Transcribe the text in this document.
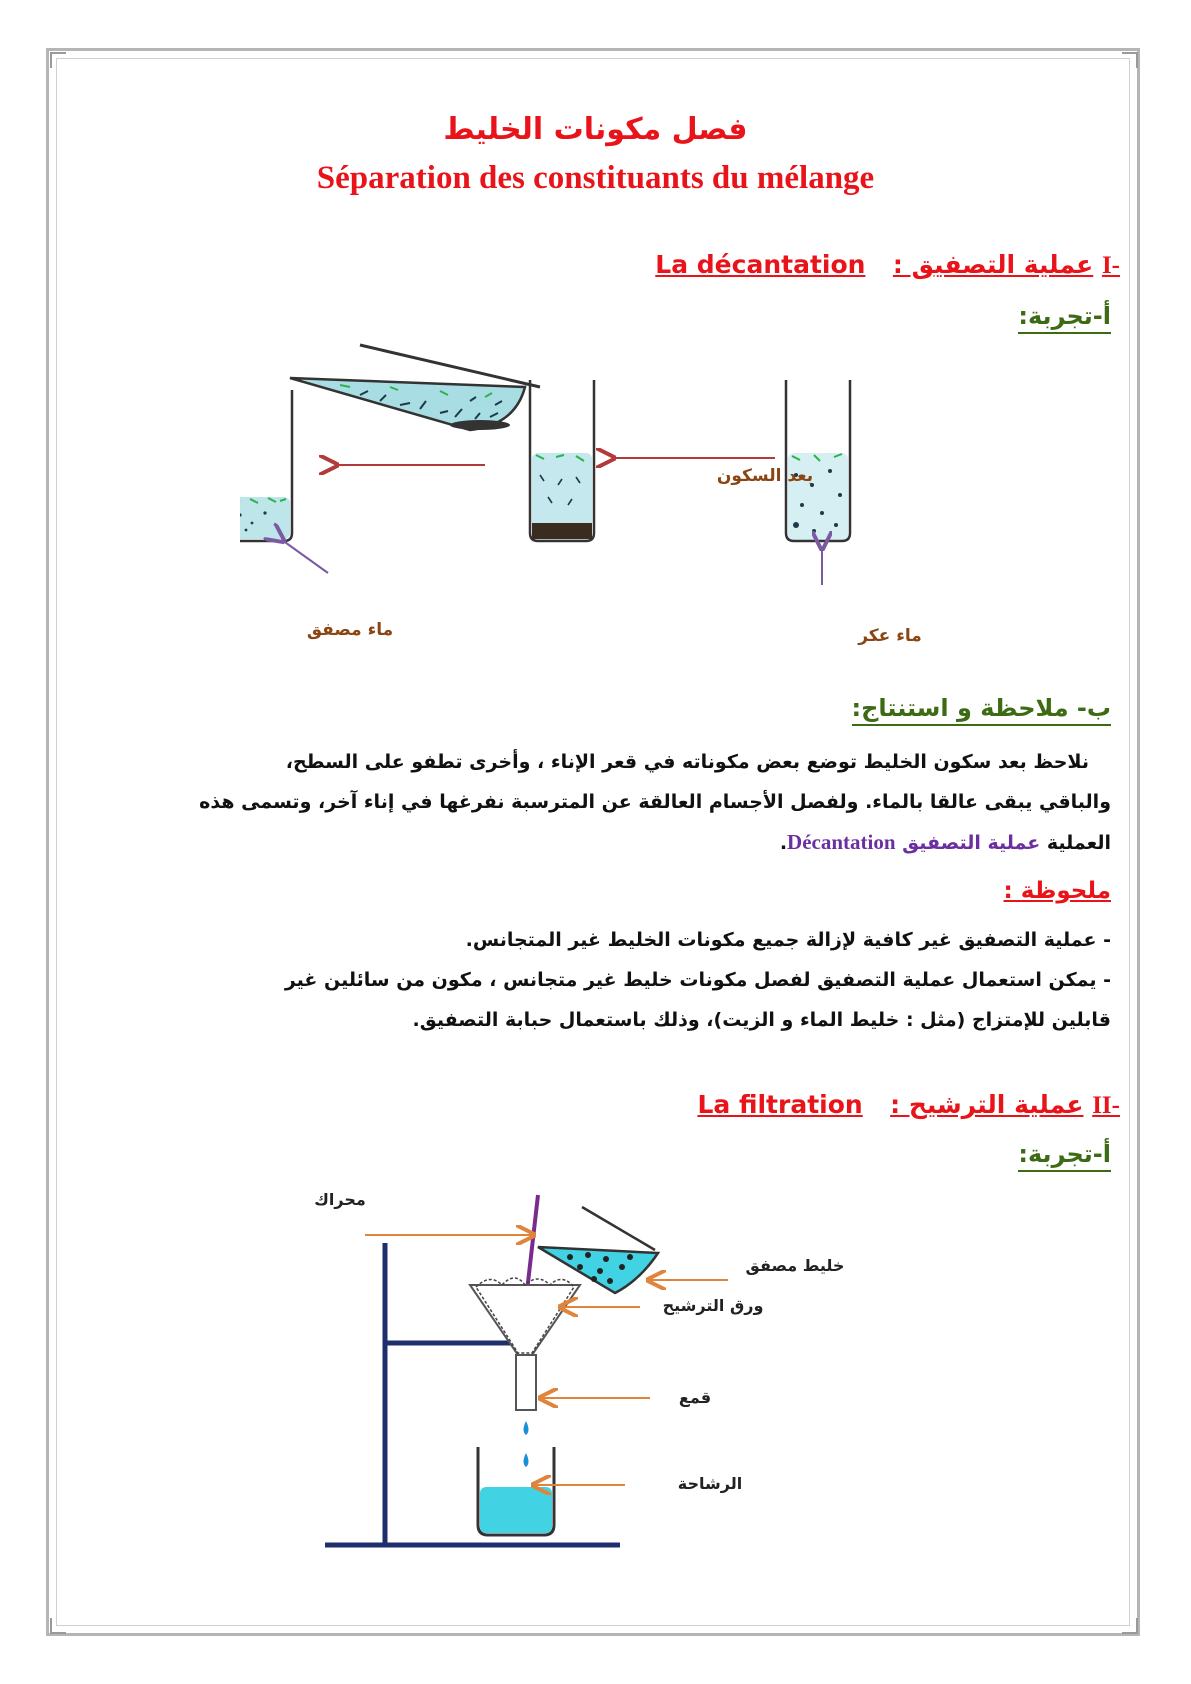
فصل مكونات الخليط
Séparation des constituants du mélange
La décantation عملية التصفيق : I-
أ-تجربة:
بعد السكون
ماء عكر
ماء مصفق
ب- ملاحظة و استنتاج:
نلاحظ بعد سكون الخليط توضع بعض مكوناته في قعر الإناء ، وأخرى تطفو على السطح،
والباقي يبقى عالقا بالماء. ولفصل الأجسام العالقة عن المترسبة نفرغها في إناء آخر، وتسمى هذه
العملية عملية التصفيق Décantation.
ملحوظة :
- عملية التصفيق غير كافية لإزالة جميع مكونات الخليط غير المتجانس.
- يمكن استعمال عملية التصفيق لفصل مكونات خليط غير متجانس ، مكون من سائلين غير
قابلين للإمتزاج (مثل : خليط الماء و الزيت)، وذلك باستعمال حبابة التصفيق.
La filtration عملية الترشيح : II-
أ-تجربة:
محراك
خليط مصفق
ورق الترشيح
قمع
الرشاحة
